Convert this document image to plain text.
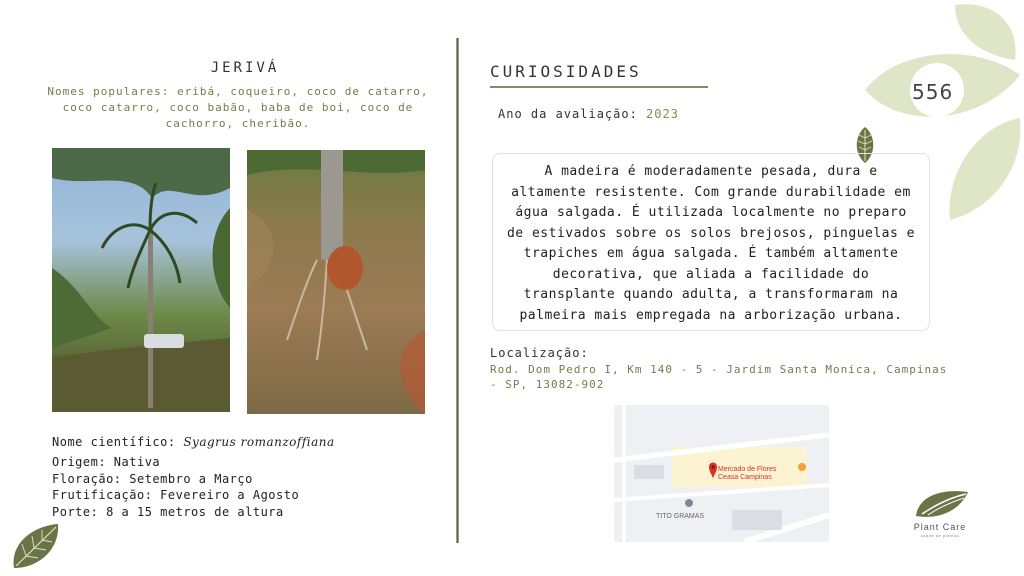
556
JERIVÁ
Nomes populares: eribá, coqueiro, coco de catarro, coco catarro, coco babão, baba de boi, coco de cachorro, cheribão.
Nome científico: Syagrus romanzoffiana
Origem: Nativa
Floração: Setembro a Março
Frutificação: Fevereiro a Agosto
Porte: 8 a 15 metros de altura
CURIOSIDADES
Ano da avaliação: 2023
A madeira é moderadamente pesada, dura e altamente resistente. Com grande durabilidade em água salgada. É utilizada localmente no preparo de estivados sobre os solos brejosos, pinguelas e trapiches em água salgada. É também altamente decorativa, que aliada a facilidade do transplante quando adulta, a transformaram na palmeira mais empregada na arborização urbana.
Localização:
Rod. Dom Pedro I, Km 140 - 5 - Jardim Santa Monica, Campinas - SP, 13082-902
Mercado de Flores
Ceasa Campinas
TITO GRAMAS
Plant Care
saúde de plantas
